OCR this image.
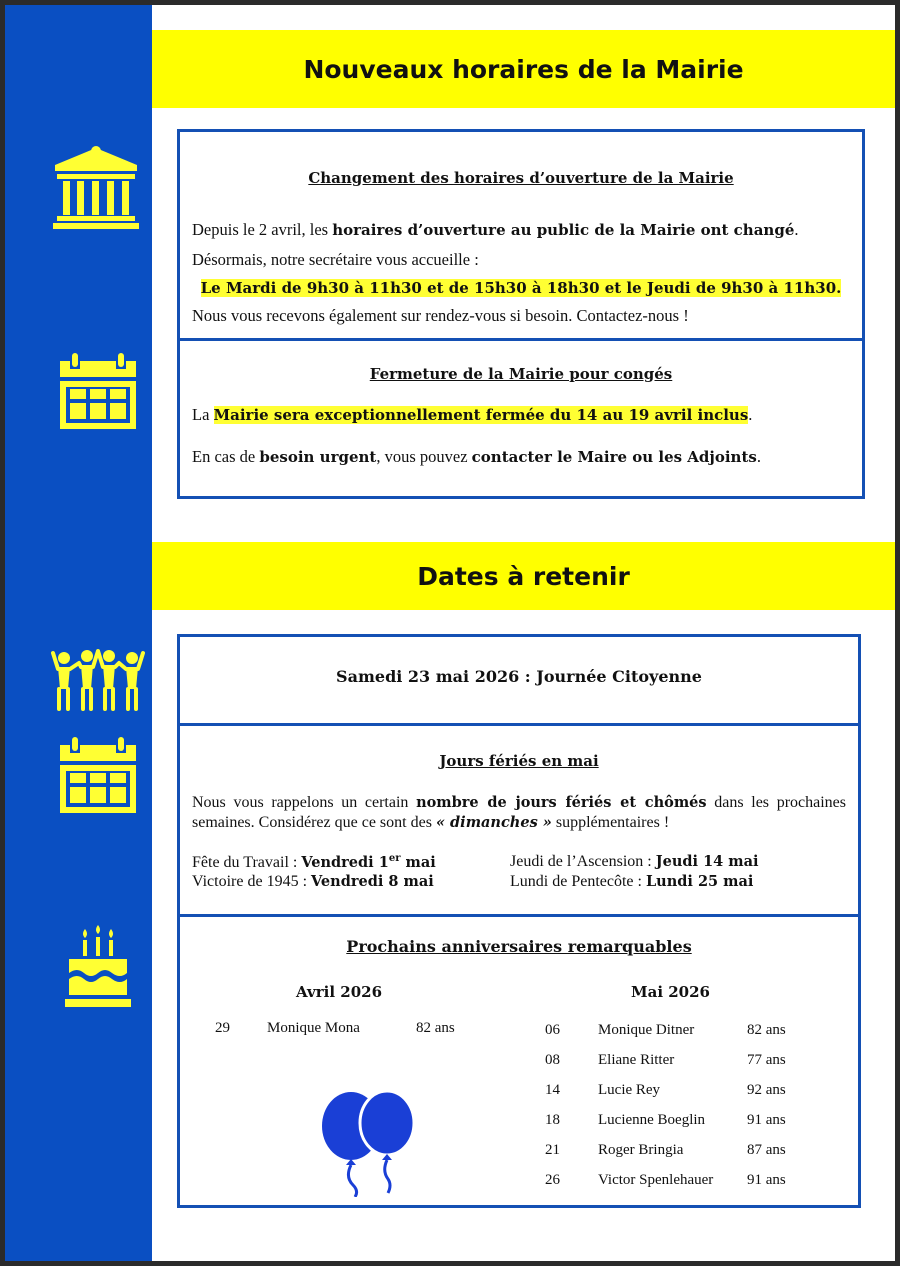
Nouveaux horaires de la Mairie
Changement des horaires d’ouverture de la Mairie
Depuis le 2 avril, les horaires d’ouverture au public de la Mairie ont changé.
Désormais, notre secrétaire vous accueille :
Le Mardi de 9h30 à 11h30 et de 15h30 à 18h30 et le Jeudi de 9h30 à 11h30.
Nous vous recevons également sur rendez-vous si besoin. Contactez-nous !
Fermeture de la Mairie pour congés
La Mairie sera exceptionnellement fermée du 14 au 19 avril inclus.
En cas de besoin urgent, vous pouvez contacter le Maire ou les Adjoints.
Dates à retenir
Samedi 23 mai 2026 : Journée Citoyenne
Jours fériés en mai
Nous vous rappelons un certain nombre de jours fériés et chômés dans les prochaines semaines. Considérez que ce sont des « dimanches » supplémentaires !
Fête du Travail : Vendredi 1er mai	Jeudi de l’Ascension : Jeudi 14 mai
Victoire de 1945 : Vendredi 8 mai	Lundi de Pentecôte : Lundi 25 mai
Prochains anniversaires remarquables
Avril 2026
29 Monique Mona	82 ans
Mai 2026
06	Monique Ditner	82 ans
08	Eliane Ritter	77 ans
14	Lucie Rey	92 ans
18	Lucienne Boeglin	91 ans
21	Roger Bringia	87 ans
26	Victor Spenlehauer 91 ans
